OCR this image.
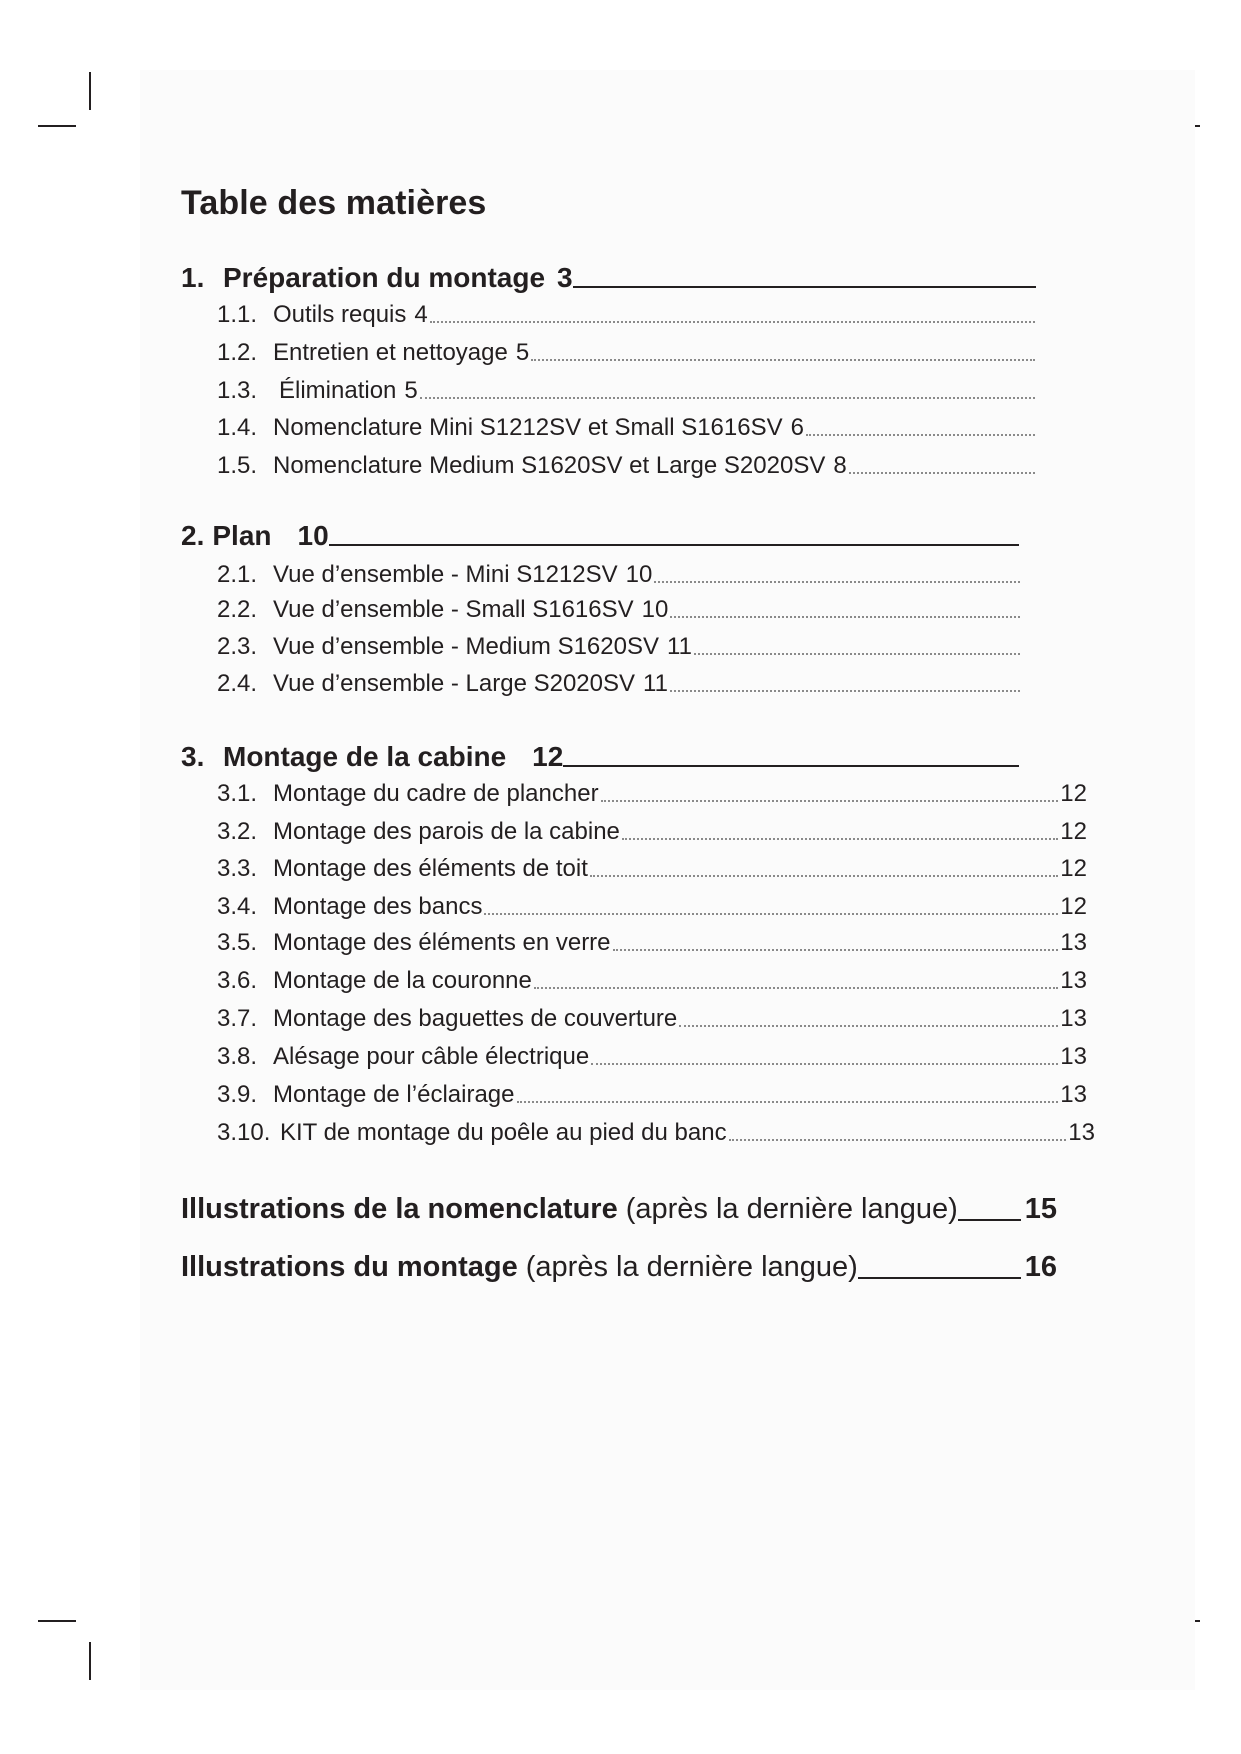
Table des matières
1. Préparation du montage 3
1.1. Outils requis 4
1.2. Entretien et nettoyage 5
1.3. Élimination 5
1.4. Nomenclature Mini S1212SV et Small S1616SV 6
1.5. Nomenclature Medium S1620SV et Large S2020SV 8
2. Plan 10
2.1. Vue d’ensemble - Mini S1212SV 10
2.2. Vue d’ensemble - Small S1616SV 10
2.3. Vue d’ensemble - Medium S1620SV 11
2.4. Vue d’ensemble - Large S2020SV 11
3. Montage de la cabine 12
3.1. Montage du cadre de plancher	12
3.2. Montage des parois de la cabine	12
3.3. Montage des éléments de toit	12
3.4. Montage des bancs	12
3.5. Montage des éléments en verre	13
3.6. Montage de la couronne	13
3.7. Montage des baguettes de couverture	13
3.8. Alésage pour câble électrique	13
3.9. Montage de l’éclairage	13
3.10. KIT de montage du poêle au pied du banc	13
Illustrations de la nomenclature (après la dernière langue) 15
Illustrations du montage (après la dernière langue)	16
